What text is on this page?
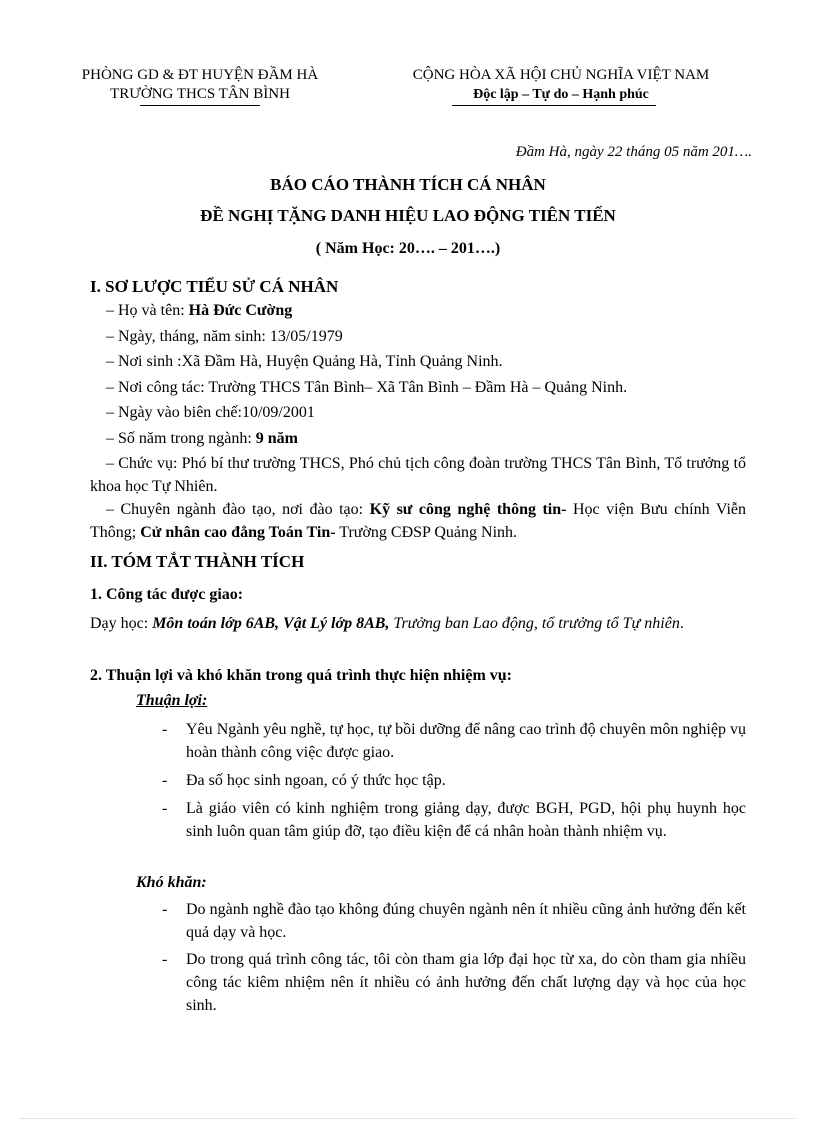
PHÒNG GD & ĐT HUYỆN ĐẦM HÀ
TRƯỜNG THCS TÂN BÌNH
CỘNG HÒA XÃ HỘI CHỦ NGHĨA VIỆT NAM
Độc lập – Tự do – Hạnh phúc
Đầm Hà, ngày 22 tháng 05 năm 201….
BÁO CÁO THÀNH TÍCH CÁ NHÂN
ĐỀ NGHỊ TẶNG DANH HIỆU LAO ĐỘNG TIÊN TIẾN
( Năm Học: 20…. – 201….)
I. SƠ LƯỢC TIỂU SỬ CÁ NHÂN
– Họ và tên: Hà Đức Cường
– Ngày, tháng, năm sinh: 13/05/1979
– Nơi sinh :Xã Đầm Hà, Huyện Quảng Hà, Tỉnh Quảng Ninh.
– Nơi công tác: Trường THCS Tân Bình– Xã Tân Bình – Đầm Hà – Quảng Ninh.
– Ngày vào biên chế:10/09/2001
– Số năm trong ngành: 9 năm
– Chức vụ: Phó bí thư trường THCS, Phó chủ tịch công đoàn trường THCS Tân Bình, Tổ trưởng tổ khoa học Tự Nhiên.
– Chuyên ngành đào tạo, nơi đào tạo: Kỹ sư công nghệ thông tin- Học viện Bưu chính Viễn Thông; Cử nhân cao đẳng Toán Tin- Trường CĐSP Quảng Ninh.
II. TÓM TẮT THÀNH TÍCH
1. Công tác được giao:
Dạy học: Môn toán lớp 6AB, Vật Lý lớp 8AB, Trưởng ban Lao động, tổ trưởng tổ Tự nhiên.
2. Thuận lợi và khó khăn trong quá trình thực hiện nhiệm vụ:
Thuận lợi:
- Yêu Ngành yêu nghề, tự học, tự bồi dưỡng để nâng cao trình độ chuyên môn nghiệp vụ hoàn thành công việc được giao.
- Đa số học sinh ngoan, có ý thức học tập.
- Là giáo viên có kinh nghiệm trong giảng dạy, được BGH, PGD, hội phụ huynh học sinh luôn quan tâm giúp đỡ, tạo điều kiện để cá nhân hoàn thành nhiệm vụ.
Khó khăn:
- Do ngành nghề đào tạo không đúng chuyên ngành nên ít nhiều cũng ảnh hưởng đến kết quả dạy và học.
- Do trong quá trình công tác, tôi còn tham gia lớp đại học từ xa, do còn tham gia nhiều công tác kiêm nhiệm nên ít nhiều có ảnh hưởng đến chất lượng dạy và học của học sinh.
